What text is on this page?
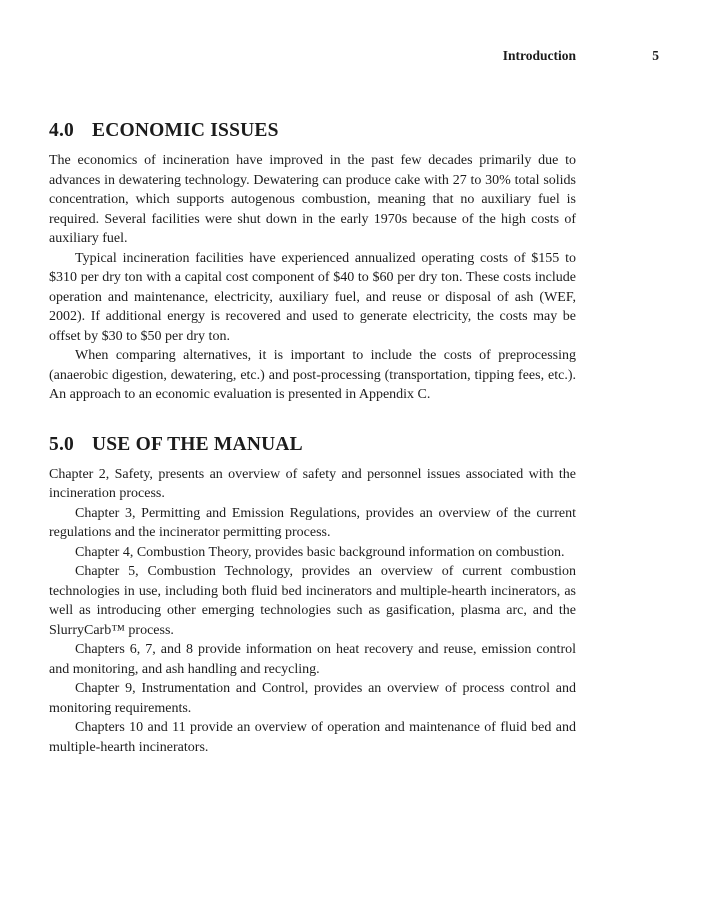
Introduction	5
4.0 ECONOMIC ISSUES

The economics of incineration have improved in the past few decades primarily due to advances in dewatering technology. Dewatering can produce cake with 27 to 30% total solids concentration, which supports autogenous combustion, meaning that no auxiliary fuel is required. Several facilities were shut down in the early 1970s because of the high costs of auxiliary fuel.

Typical incineration facilities have experienced annualized operating costs of $155 to $310 per dry ton with a capital cost component of $40 to $60 per dry ton. These costs include operation and maintenance, electricity, auxiliary fuel, and reuse or disposal of ash (WEF, 2002). If additional energy is recovered and used to generate electricity, the costs may be offset by $30 to $50 per dry ton.

When comparing alternatives, it is important to include the costs of preprocessing (anaerobic digestion, dewatering, etc.) and post-processing (transportation, tipping fees, etc.). An approach to an economic evaluation is presented in Appendix C.

5.0 USE OF THE MANUAL

Chapter 2, Safety, presents an overview of safety and personnel issues associated with the incineration process.

Chapter 3, Permitting and Emission Regulations, provides an overview of the current regulations and the incinerator permitting process.

Chapter 4, Combustion Theory, provides basic background information on combustion.

Chapter 5, Combustion Technology, provides an overview of current combustion technologies in use, including both fluid bed incinerators and multiple-hearth incinerators, as well as introducing other emerging technologies such as gasification, plasma arc, and the SlurryCarb™ process.

Chapters 6, 7, and 8 provide information on heat recovery and reuse, emission control and monitoring, and ash handling and recycling.

Chapter 9, Instrumentation and Control, provides an overview of process control and monitoring requirements.

Chapters 10 and 11 provide an overview of operation and maintenance of fluid bed and multiple-hearth incinerators.
